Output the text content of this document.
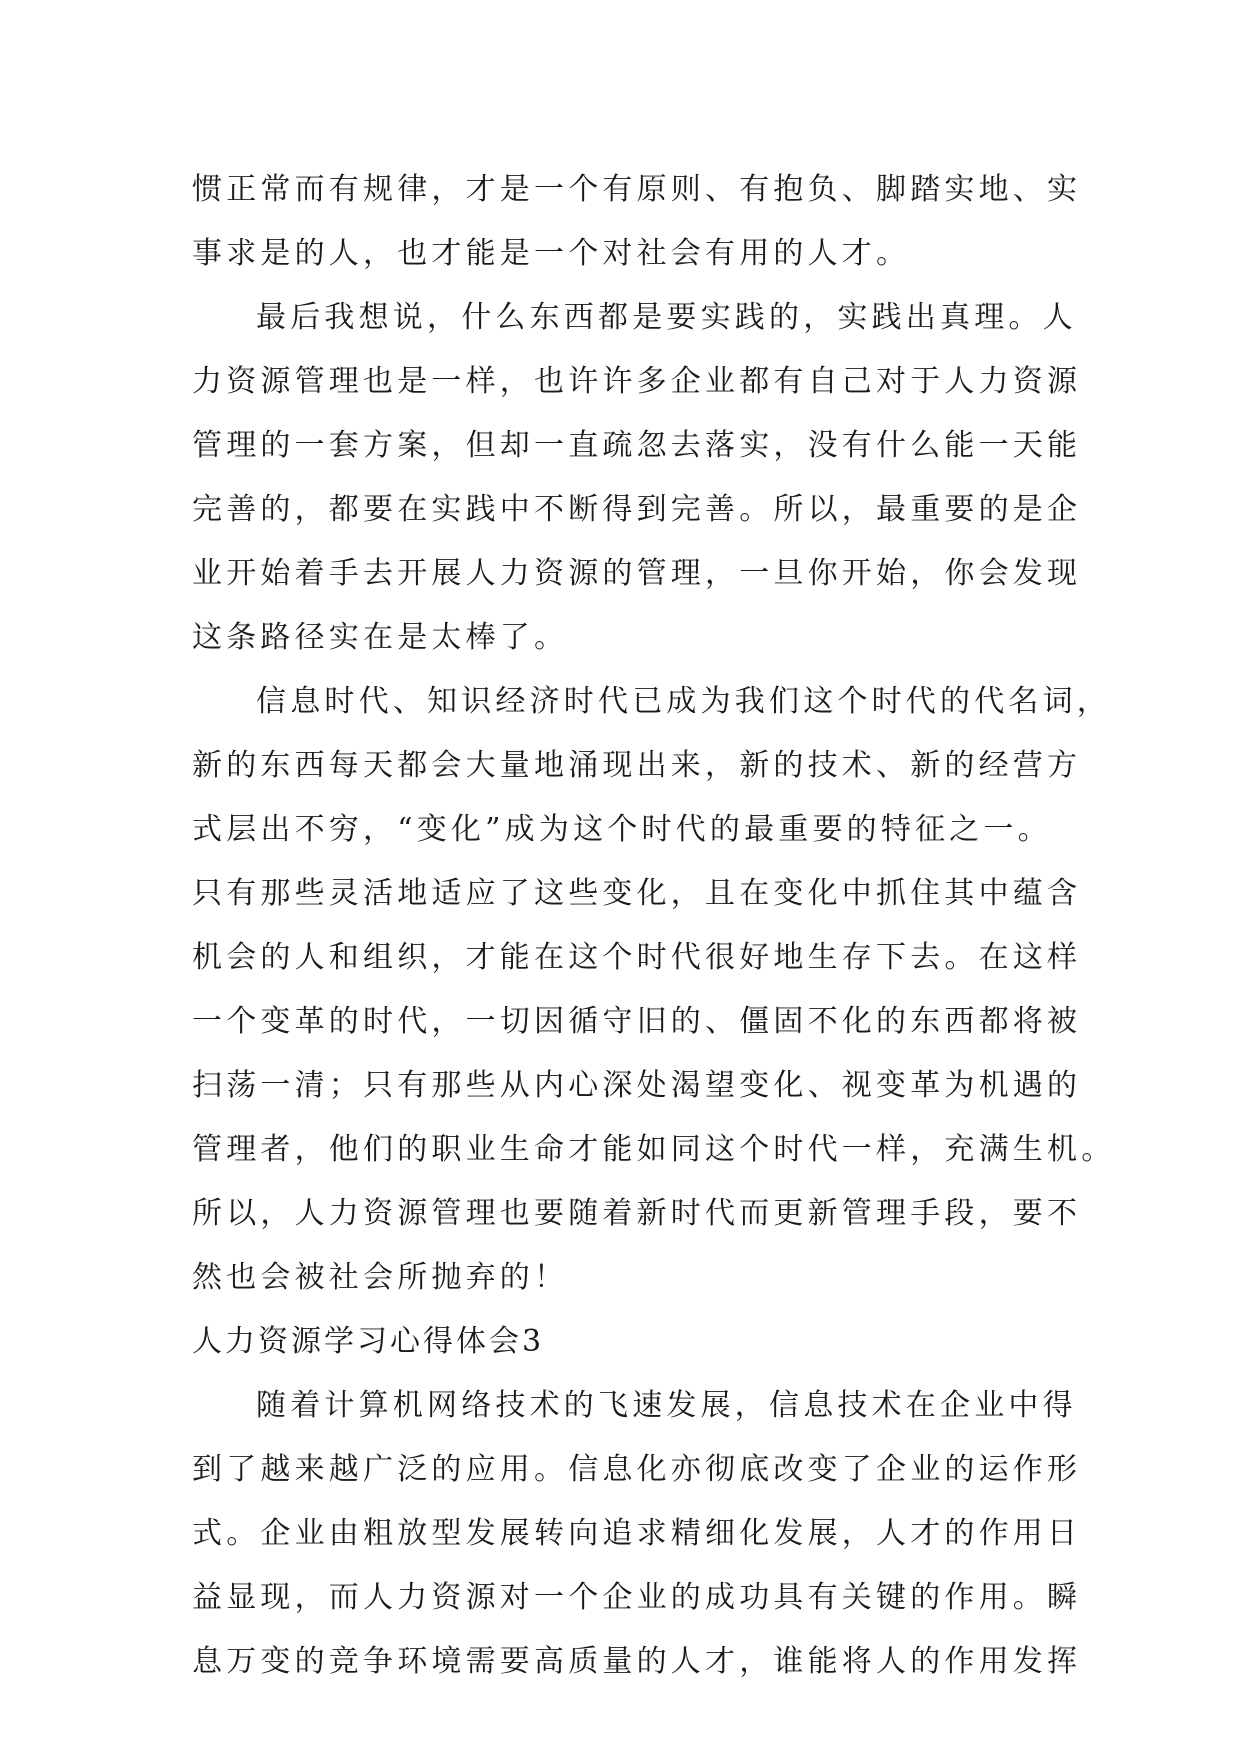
惯正常而有规律，才是一个有原则、有抱负、脚踏实地、实
事求是的人，也才能是一个对社会有用的人才。
最后我想说，什么东西都是要实践的，实践出真理。人
力资源管理也是一样，也许许多企业都有自己对于人力资源
管理的一套方案，但却一直疏忽去落实，没有什么能一天能
完善的，都要在实践中不断得到完善。所以，最重要的是企
业开始着手去开展人力资源的管理，一旦你开始，你会发现
这条路径实在是太棒了。
信息时代、知识经济时代已成为我们这个时代的代名词，
新的东西每天都会大量地涌现出来，新的技术、新的经营方
式层出不穷，“变化”成为这个时代的最重要的特征之一。
只有那些灵活地适应了这些变化，且在变化中抓住其中蕴含
机会的人和组织，才能在这个时代很好地生存下去。在这样
一个变革的时代，一切因循守旧的、僵固不化的东西都将被
扫荡一清；只有那些从内心深处渴望变化、视变革为机遇的
管理者，他们的职业生命才能如同这个时代一样，充满生机。
所以，人力资源管理也要随着新时代而更新管理手段，要不
然也会被社会所抛弃的！
人力资源学习心得体会3
随着计算机网络技术的飞速发展，信息技术在企业中得
到了越来越广泛的应用。信息化亦彻底改变了企业的运作形
式。企业由粗放型发展转向追求精细化发展，人才的作用日
益显现，而人力资源对一个企业的成功具有关键的作用。瞬
息万变的竞争环境需要高质量的人才，谁能将人的作用发挥
